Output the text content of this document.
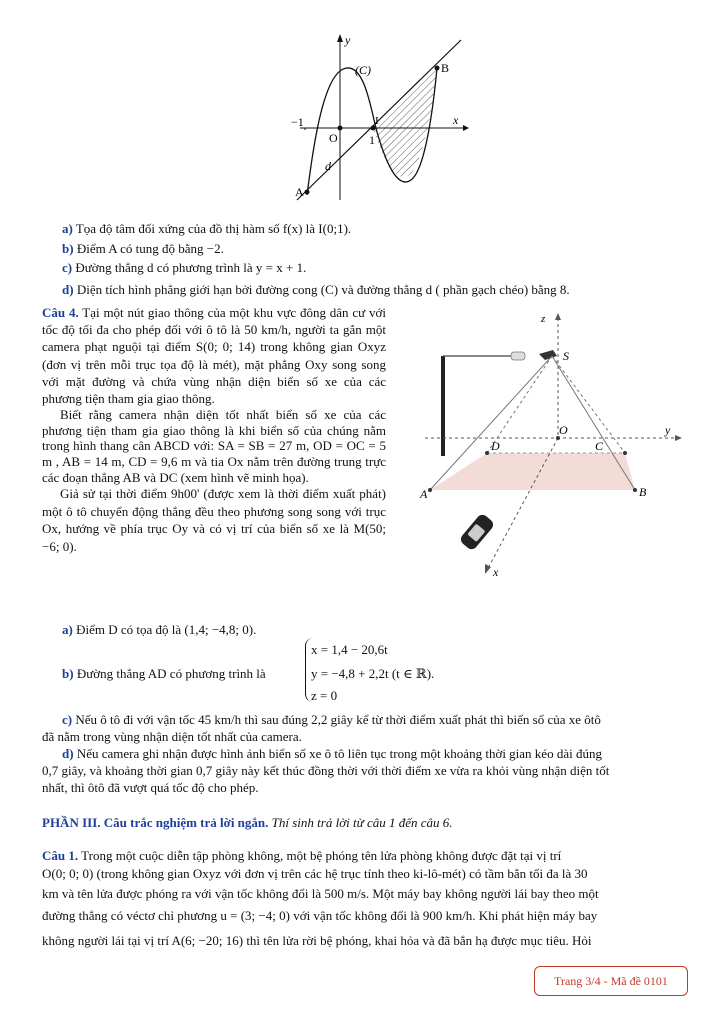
y
x
(C)	B
−1
O	1
I
d
A
a) Tọa độ tâm đối xứng của đồ thị hàm số f(x) là I(0;1).
b) Điểm A có tung độ bằng −2.
c) Đường thẳng d có phương trình là y = x + 1.
d) Diện tích hình phẳng giới hạn bởi đường cong (C) và đường thẳng d ( phần gạch chéo) bằng 8.
Câu 4. Tại một nút giao thông của một khu vực đông dân cư với tốc độ tối đa cho phép đối với ô tô là 50 km/h, người ta gắn một camera phạt nguội tại điểm S(0; 0; 14) trong không gian Oxyz (đơn vị trên mỗi trục tọa độ là mét), mặt phẳng Oxy song song với mặt đường và chứa vùng nhận diện biển số xe của các phương tiện tham gia giao thông.
Biết rằng camera nhận diện tốt nhất biển số xe của các phương tiện tham gia giao thông là khi biển số của chúng nằm trong hình thang cân ABCD với: SA = SB = 27 m, OD = OC = 5 m , AB = 14 m, CD = 9,6 m và tia Ox nằm trên đường trung trực các đoạn thẳng AB và DC (xem hình vẽ minh họa).
Giả sử tại thời điểm 9h00' (được xem là thời điểm xuất phát) một ô tô chuyển động thẳng đều theo phương song song với trục Ox, hướng về phía trục Oy và có vị trí của biển số xe là M(50; −6; 0).
z
S
O	y
D	C
A	B
x
a) Điểm D có tọa độ là (1,4; −4,8; 0).
b) Đường thẳng AD có phương trình là
x = 1,4 − 20,6t
y = −4,8 + 2,2t (t ∈ ℝ).
z = 0
c) Nếu ô tô đi với vận tốc 45 km/h thì sau đúng 2,2 giây kể từ thời điểm xuất phát thì biển số của xe ôtô
đã nằm trong vùng nhận diện tốt nhất của camera.
d) Nếu camera ghi nhận được hình ảnh biển số xe ô tô liên tục trong một khoảng thời gian kéo dài đúng
0,7 giây, và khoảng thời gian 0,7 giây này kết thúc đồng thời với thời điểm xe vừa ra khỏi vùng nhận diện tốt
nhất, thì ôtô đã vượt quá tốc độ cho phép.
PHẦN III. Câu trắc nghiệm trả lời ngắn. Thí sinh trả lời từ câu 1 đến câu 6.
Câu 1. Trong một cuộc diễn tập phòng không, một bệ phóng tên lửa phòng không được đặt tại vị trí
O(0; 0; 0) (trong không gian Oxyz với đơn vị trên các hệ trục tính theo ki-lô-mét) có tầm bắn tối đa là 30
km và tên lửa được phóng ra với vận tốc không đổi là 500 m/s. Một máy bay không người lái bay theo một
đường thẳng có véctơ chỉ phương u = (3; −4; 0) với vận tốc không đổi là 900 km/h. Khi phát hiện máy bay
không người lái tại vị trí A(6; −20; 16) thì tên lửa rời bệ phóng, khai hỏa và đã bắn hạ được mục tiêu. Hỏi
Trang 3/4 - Mã đề 0101
